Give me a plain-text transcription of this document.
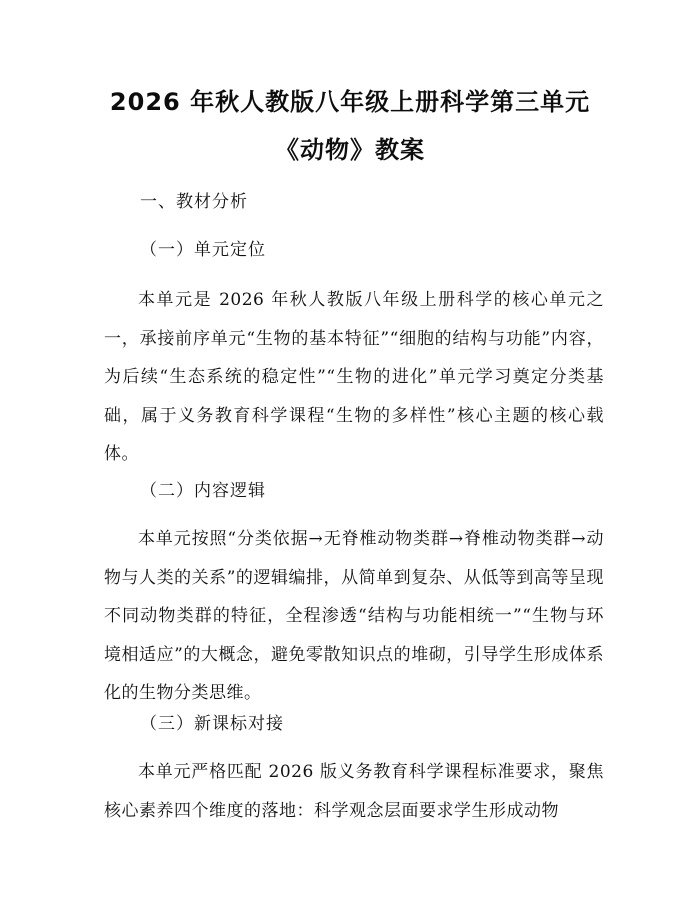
2026 年秋人教版八年级上册科学第三单元
《动物》教案
一、教材分析
（一）单元定位

本单元是 2026 年秋人教版八年级上册科学的核心单元之一，承接前序单元“生物的基本特征”“细胞的结构与功能”内容，为后续“生态系统的稳定性”“生物的进化”单元学习奠定分类基础，属于义务教育科学课程“生物的多样性”核心主题的核心载体。

（二）内容逻辑

本单元按照“分类依据→无脊椎动物类群→脊椎动物类群→动物与人类的关系”的逻辑编排，从简单到复杂、从低等到高等呈现不同动物类群的特征，全程渗透“结构与功能相统一”“生物与环境相适应”的大概念，避免零散知识点的堆砌，引导学生形成体系化的生物分类思维。

（三）新课标对接

本单元严格匹配 2026 版义务教育科学课程标准要求，聚焦核心素养四个维度的落地：科学观念层面要求学生形成动物
